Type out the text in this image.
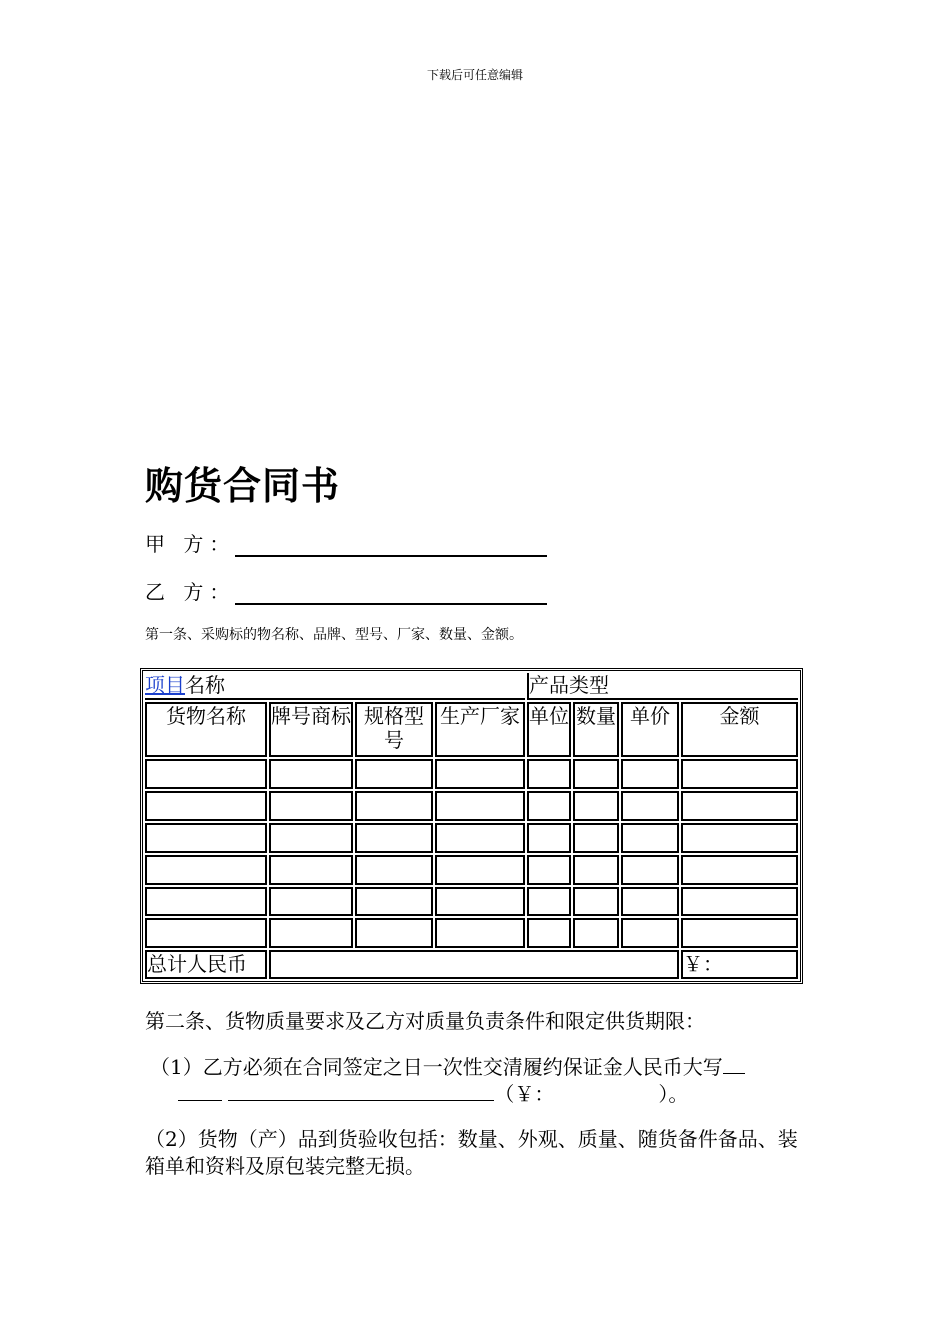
下载后可任意编辑
购货合同书
甲 方：
乙 方：
第一条、采购标的物名称、品牌、型号、厂家、数量、金额。
项目名称				产品类型			
货物名称	牌号商标	规格型号	生产厂家	单位	数量	单价	金额

总计人民币							￥：
第二条、货物质量要求及乙方对质量负责条件和限定供货期限：
（1）乙方必须在合同签定之日一次性交清履约保证金人民币大写
（￥：	）。
（2）货物（产）品到货验收包括：数量、外观、质量、随货备件备品、装箱单和资料及原包装完整无损。
